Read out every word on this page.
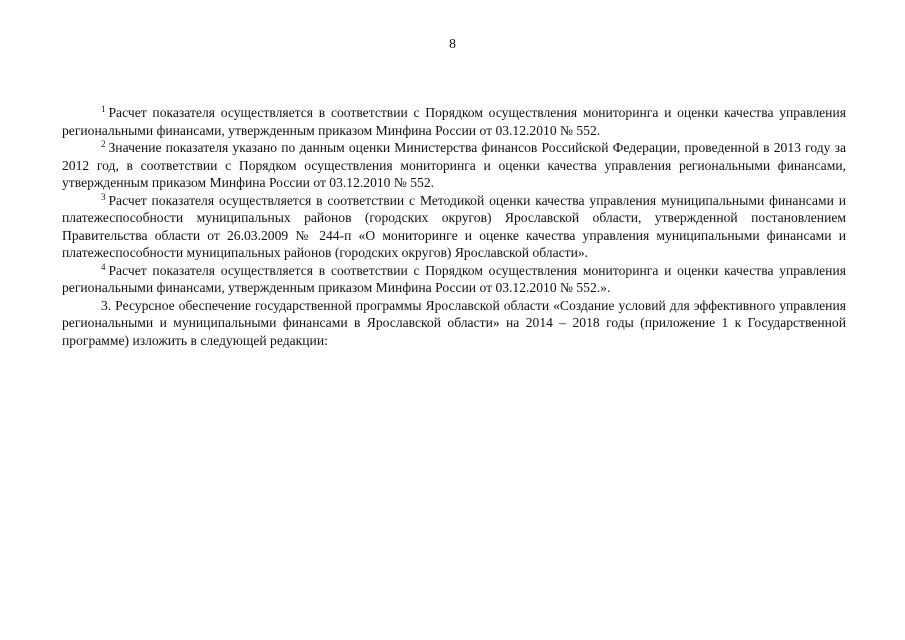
8

$^1$ Расчет показателя осуществляется в соответствии с Порядком осуществления мониторинга и оценки качества управления региональными финансами, утвержденным приказом Минфина России от 03.12.2010 № 552.

$^2$ Значение показателя указано по данным оценки Министерства финансов Российской Федерации, проведенной в 2013 году за 2012 год, в соответствии с Порядком осуществления мониторинга и оценки качества управления региональными финансами, утвержденным приказом Минфина России от 03.12.2010 № 552.

$^3$ Расчет показателя осуществляется в соответствии с Методикой оценки качества управления муниципальными финансами и платежеспособности муниципальных районов (городских округов) Ярославской области, утвержденной постановлением Правительства области от 26.03.2009 № 244-п «О мониторинге и оценке качества управления муниципальными финансами и платежеспособности муниципальных районов (городских округов) Ярославской области».

$^4$ Расчет показателя осуществляется в соответствии с Порядком осуществления мониторинга и оценки качества управления региональными финансами, утвержденным приказом Минфина России от 03.12.2010 № 552.».

3. Ресурсное обеспечение государственной программы Ярославской области «Создание условий для эффективного управления региональными и муниципальными финансами в Ярославской области» на 2014 – 2018 годы (приложение 1 к Государственной программе) изложить в следующей редакции:
